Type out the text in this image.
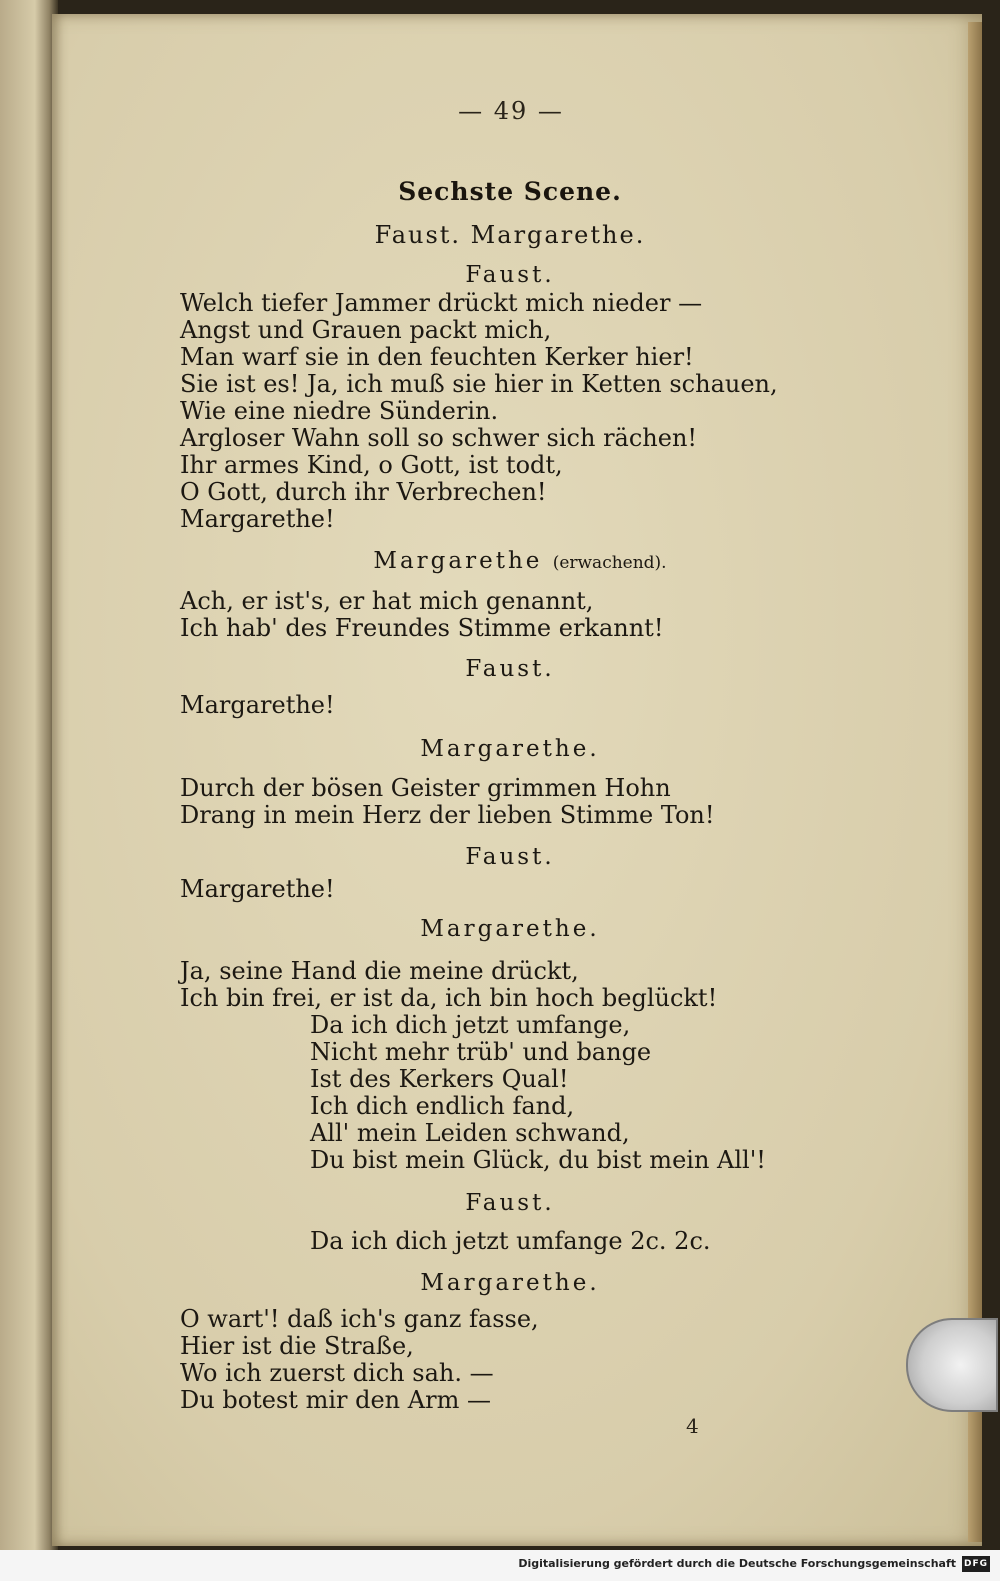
— 49 —
Sechste Scene.
Faust. Margarethe.
Faust.
Welch tiefer Jammer drückt mich nieder —
Angst und Grauen packt mich,
Man warf sie in den feuchten Kerker hier!
Sie ist es! Ja, ich muß sie hier in Ketten schauen,
Wie eine niedre Sünderin.
Argloser Wahn soll so schwer sich rächen!
Ihr armes Kind, o Gott, ist todt,
O Gott, durch ihr Verbrechen!
Margarethe!
Margarethe (erwachend).
Ach, er ist's, er hat mich genannt,
Ich hab' des Freundes Stimme erkannt!
Faust.
Margarethe!
Margarethe.
Durch der bösen Geister grimmen Hohn
Drang in mein Herz der lieben Stimme Ton!
Faust.
Margarethe!
Margarethe.
Ja, seine Hand die meine drückt,
Ich bin frei, er ist da, ich bin hoch beglückt!
Da ich dich jetzt umfange,
Nicht mehr trüb' und bange
Ist des Kerkers Qual!
Ich dich endlich fand,
All' mein Leiden schwand,
Du bist mein Glück, du bist mein All'!
Faust.
Da ich dich jetzt umfange 2c. 2c.
Margarethe.
O wart'! daß ich's ganz fasse,
Hier ist die Straße,
Wo ich zuerst dich sah. —
Du botest mir den Arm —
4
Digitalisierung gefördert durch die Deutsche Forschungsgemeinschaft DFG
